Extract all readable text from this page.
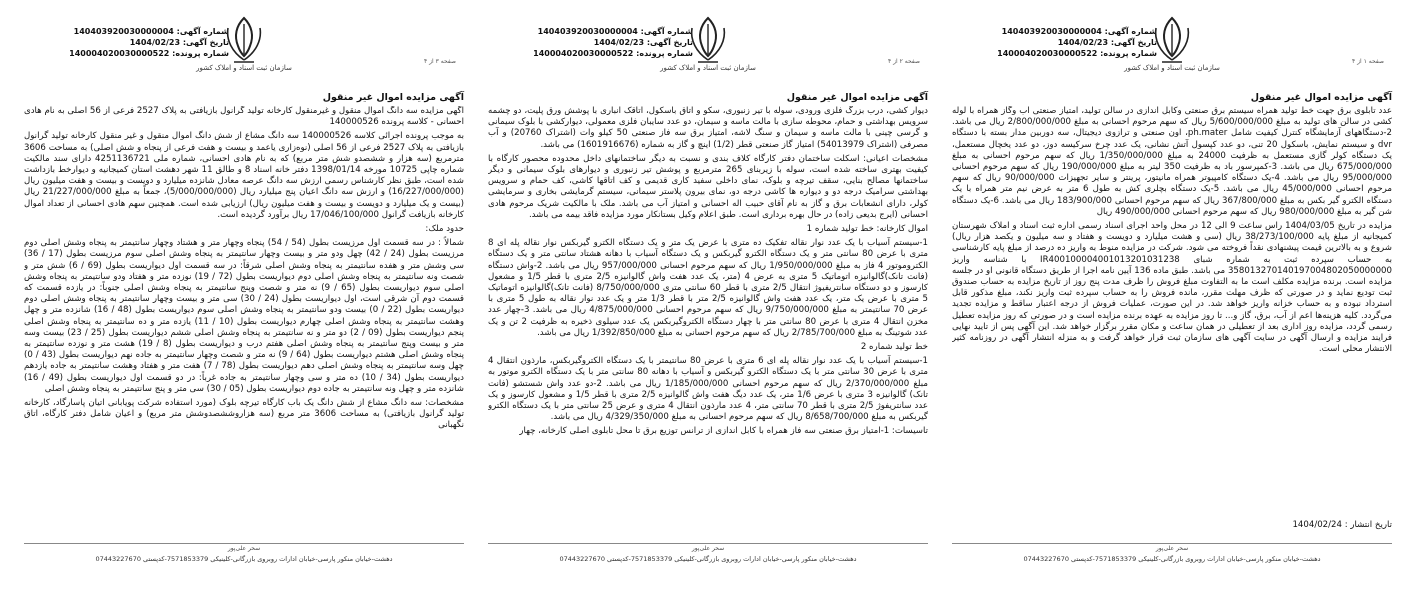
شماره آگهی: 140403920030000004
تاریخ آگهی: 1404/02/23
شماره پرونده: 140004020030000522
سازمان ثبت اسناد و املاک کشور
صفحه ۱ از ۴
آگهی مزایده اموال غیر منقول

عدد تابلوی برق جهت خط تولید همراه سیستم برق صنعتی وکابل اندازی در سالن تولید، امتیاز صنعتی آب وگاز همراه با لوله کشی در سالن های تولید به مبلغ 5/600/000/000 ریال که سهم مرحوم احسانی به مبلغ 2/800/000/000 ریال می باشد. 2-دستگاههای آزمایشگاه کنترل کیفیت شامل ph.mater، اون صنعتی و ترازوی دیجیتال، سه دوربین مدار بسته با دستگاه dvr و سیستم نمایش، باسکول 20 تنی، دو عدد کپسول آتش نشانی، یک عدد چرخ سرکیسه دوز، دو عدد یخچال مستعمل، یک دستگاه کولر گازی مستعمل به ظرفیت 24000 به مبلغ 1/350/000/000 ریال که سهم مرحوم احسانی به مبلغ 675/000/000 ریال می باشد. 3-کمپرسور باد به ظرفیت 350 لیتر به مبلغ 190/000/000 ریال که سهم مرحوم احسانی 95/000/000 ریال می باشد. 4-یک دستگاه کامپیوتر همراه مانیتور، پرینتر و سایر تجهیزات 90/000/000 ریال که سهم مرحوم احسانی 45/000/000 ریال می باشد. 5-یک دستگاه بچلری کش به طول 6 متر به عرض نیم متر همراه با یک دستگاه الکترو گیر بکس به مبلغ 367/800/000 ریال که سهم مرحوم احسانی 183/900/000 ریال می باشد. 6-یک دستگاه شن گیر به مبلغ 980/000/000 ریال که سهم مرحوم احسانی 490/000/000 ریال

مزایده در تاریخ 1404/03/05 راس ساعت 9 الی 12 در محل واحد اجرای اسناد رسمی اداره ثبت اسناد و املاک شهرستان کمیجانیه از مبلغ پایه 38/273/100/000 ریال (سی و هشت میلیارد و دویست و هفتاد و سه میلیون و یکصد هزار ریال) شروع و به بالاترین قیمت پیشنهادی نقداً فروخته می شود. شرکت در مزایده منوط به واریز ده درصد از مبلغ پایه کارشناسی به حساب سپرده ثبت به شماره شبای IR400100004001013201031238 با شناسه واریز 358013270140197004802050000000 می باشد. طبق ماده 136 آیین نامه اجرا از طریق دستگاه قانونی او در جلسه مزایده است. برنده مزایده مکلف است ما به التفاوت مبلغ فروش را ظرف مدت پنج روز از تاریخ مزایده به حساب صندوق ثبت تودیع نماید و در صورتی که ظرف مهلت مقرر، مانده فروش را به حساب سپرده ثبت واریز نکند، مبلغ مذکور قابل استرداد نبوده و به حساب خزانه واریز خواهد شد. در این صورت، عملیات فروش از درجه اعتبار ساقط و مزایده تجدید می‌گردد. کلیه هزینه‌ها اعم از آب، برق، گاز و... تا روز مزایده به عهده برنده مزایده است و در صورتی که روز مزایده تعطیل رسمی گردد، مزایده روز اداری بعد از تعطیلی در همان ساعت و مکان مقرر برگزار خواهد شد. این آگهی پس از تایید نهایی فرایند مزایده و ارسال آگهی در سایت آگهی های سازمان ثبت قرار خواهد گرفت و به منزله انتشار آگهی در روزنامه کثیر الانتشار محلی است.

تاریخ انتشار : 1404/02/24
سحر علی‌پور
دهشت-خیابان منکور پارسی-خیابان ادارات روبروی بازرگانی-کلینیکی 7571853379-کدپستی 07443227670
شماره آگهی: 140403920030000004
تاریخ آگهی: 1404/02/23
شماره پرونده: 140004020030000522
سازمان ثبت اسناد و املاک کشور
صفحه ۲ از ۴
آگهی مزایده اموال غیر منقول

دیوار کشی، درب بزرگ فلزی ورودی، سوله با تیر زنبوری، سکو و اتاق باسکول، اتاقک انباری با پوشش ورق پلیت، دو چشمه سرویس بهداشتی و حمام، محوطه سازی با مالت ماسه و سیمان، دو عدد سایبان فلزی معمولی، دیوارکشی با بلوک سیمانی و گرسی چینی با مالت ماسه و سیمان و سنگ لاشه، امتیاز برق سه فاز صنعتی 50 کیلو وات (اشتراک 20760) و آب مصرفی (اشتراک 54013979) امتیاز گاز صنعتی قطر (1/2) اینچ و گاز به شماره (1601916676) می باشد.

مشخصات اعیانی: اسکلت ساختمان دفتر کارگاه کلاف بندی و نسبت به دیگر ساختمانهای داخل محدوده محصور کارگاه با کیفیت بهتری ساخته شده است، سوله با زیربنای 265 مترمربع و پوشش تیر زنبوری و دیوارهای بلوک سیمانی و دیگر ساختمانها مصالح بنایی، سقف تیرچه و بلوک، نمای داخلی سفید کاری قدیمی و کف اتاقها کاشی، کف حمام و سرویس بهداشتی سرامیک درجه دو و دیواره ها کاشی درجه دو، نمای بیرون پلاستر سیمانی، سیستم گرمایشی بخاری و سرمایشی کولر، دارای انشعابات برق و گاز به نام آقای حبیب اله احسانی و امتیاز آب می باشد. ملک با مالکیت شریک مرحوم هادی احسانی (ایرج بدیعی زاده) در حال بهره برداری است. طبق اعلام وکیل بستانکار مورد مزایده فاقد بیمه می باشد.

اموال کارخانه: خط تولید شماره 1

1-سیستم آسیاب با یک عدد نوار نقاله تفکیک ده متری با عرض یک متر و یک دستگاه الکترو گیربکس نوار نقاله پله ای 8 متری با عرض 80 سانتی متر و یک دستگاه الکترو گیربکس و یک دستگاه آسیاب با دهانه هشتاد سانتی متر و یک دستگاه الکتروموتور 4 فاز به مبلغ 1/950/000/000 ریال که سهم مرحوم احسانی 957/000/000 ریال می باشد. 2-واش دستگاه (فانت تانک)گالوانیزه اتوماتیک 5 متری به عرض 4 (متر، یک عدد هفت واش گالوانیزه 2/5 متری با قطر 1/5 و مشعول کارسوز و دو دستگاه سانتریفیوژ انتقال 2/5 متری با قطر 60 سانتی متری 8/750/000/000 (فانت تانک)گالوانیزه اتوماتیک 5 متری با عرض یک متر، یک عدد هفت واش گالوانیزه 2/5 متر با قطر 1/3 متر و یک عدد نوار نقاله به طول 5 متری با عرض 70 سانتیمتر به مبلغ 9/750/000/000 ریال که سهم مرحوم احسانی 4/875/000/000 ریال می باشد. 3-چهار عدد مخزن انتقال 4 متری با عرض 80 سانتی متر با چهار دستگاه الکتروگیربکس یک عدد سیلوی ذخیره به ظرفیت 2 تن و یک عدد شوتینگ به مبلغ 2/785/700/000 ریال که سهم مرحوم احسانی به مبلغ 1/392/850/000 ریال می باشد.

خط تولید شماره 2

1-سیستم آسیاب با یک عدد نوار نقاله پله ای 6 متری با عرض 80 سانتیمتر با یک دستگاه الکتروگیربکس، مارذون انتقال 4 متری با عرض 30 سانتی متر با یک دستگاه الکترو گیربکس و آسیاب با دهانه 80 سانتی متر با یک دستگاه الکترو موتور به مبلغ 2/370/000/000 ریال که سهم مرحوم احسانی 1/185/000/000 ریال می باشد. 2-دو عدد واش شستشو (فانت تانک) گالوانیزه 3 متری با عرض 1/6 متر، یک عدد دیگ هفت واش گالوانیزه 2/5 متری با قطر 1/5 و مشعول کارسوز و یک عدد سانتریفوژ 2/5 متری با قطر 70 سانتی متر، 4 عدد مارذون انتقال 4 متری و عرض 25 سانتی متر با یک دستگاه الکترو گیربکس به مبلغ 8/658/700/000 ریال که سهم مرحوم احسانی به مبلغ 4/329/350/000 ریال می باشد.

تاسیسات: 1-امتیاز برق صنعتی سه فاز همراه با کابل اندازی از ترانس توزیع برق تا محل تابلوی اصلی کارخانه، چهار

سحر علی‌پور
دهشت-خیابان منکور پارسی-خیابان ادارات روبروی بازرگانی-کلینیکی 7571853379-کدپستی 07443227670
شماره آگهی: 140403920030000004
تاریخ آگهی: 1404/02/23
شماره پرونده: 140004020030000522
سازمان ثبت اسناد و املاک کشور
صفحه ۳ از ۴
آگهی مزایده اموال غیر منقول

آگهی مزایده سه دانگ اموال منقول و غیرمنقول کارخانه تولید گرانول بازیافتی به پلاک 2527 فرعی از 56 اصلی به نام هادی احسانی - کلاسه پرونده 140000526

به موجب پرونده اجرائی کلاسه 140000526 سه دانگ مشاع از شش دانگ اموال منقول و غیر منقول کارخانه تولید گرانول بازیافتی به پلاک 2527 فرعی از 56 اصلی (نوه‌زاری یاعمد و بیست و هفت فرعی از پنجاه و شش اصلی) به مساحت 3606 مترمربع (سه هزار و ششصدو شش متر مربع) که به نام هادی احسانی، شماره ملی 4251136721 دارای سند مالکیت شماره چاپی 10725 مورخه 1398/01/14 دفتر خانه اسناد 8 و طالق 11 شهر دهشت استان کمیجانیه و دیوارخط بازداشت شده است، طبق نظر کارشناس رسمی ارزش سه دانگ عرصه معادل شانزده میلیارد و دویست و بیست و هفت میلیون ریال (16/227/000/000) و ارزش سه دانگ اعیان پنج میلیارد ریال (5/000/000/000)، جمعاً به مبلغ 21/227/000/000 ریال (بیست و یک میلیارد و دویست و بیست و هفت میلیون ریال) ارزیابی شده است. همچنین سهم هادی احسانی از تعداد اموال کارخانه بازیافت گرانول 17/046/100/000 ریال برآورد گردیده است.

حدود ملک:

شمالاً : در سه قسمت اول مرزیست بطول (54 / 54) پنجاه وچهار متر و هشتاد وچهار سانتیمتر به پنجاه وشش اصلی دوم مرزیست بطول (24 / 42) چهل ودو متر و بیست وچهار سانتیمتر به پنجاه وشش اصلی سوم مرزیست بطول (17 / 36) سی وشش متر و هفده سانتیمتر به پنجاه وشش اصلی شرقاً: در سه قسمت اول دیواریست بطول (69 / 6) شش متر و شصت ونه سانتیمتر به پنجاه وشش اصلی دوم دیواریست بطول (72 / 19) نوزده متر و هفتاد ودو سانتیمتر به پنجاه وشش اصلی سوم دیواریست بطول (65 / 9) نه متر و شصت وپنج سانتیمتر به پنجاه وشش اصلی جنوباً: در یازده قسمت که قسمت دوم آن شرقی است، اول دیواریست بطول (24 / 30) سی متر و بیست وچهار سانتیمتر به پنجاه وشش اصلی دوم دیواریست بطول (22 / 0) بیست ودو سانتیمتر به پنجاه وشش اصلی سوم دیواریست بطول (48 / 16) شانزده متر و چهل وهشت سانتیمتر به پنجاه وشش اصلی چهارم دیواریست بطول (10 / 11) یازده متر و ده سانتیمتر به پنجاه وشش اصلی پنجم دیواریست بطول (09 / 2) دو متر و نه سانتیمتر به پنجاه وشش اصلی ششم دیواریست بطول (25 / 23) بیست وسه متر و بیست وپنج سانتیمتر به پنجاه وشش اصلی هفتم درب و دیواریست بطول (8 / 19) هشت متر و نوزده سانتیمتر به پنجاه وشش اصلی هشتم دیواریست بطول (64 / 9) نه متر و شصت وچهار سانتیمتر به جاده نهم دیواریست بطول (43 / 0) چهل وسه سانتیمتر به پنجاه وشش اصلی دهم دیواریست بطول (78 / 7) هفت متر و هفتاد وهشت سانتیمتر به جاده یازدهم دیواریست بطول (34 / 10) ده متر و سی وچهار سانتیمتر به جاده غرباً: در دو قسمت اول دیواریست بطول (49 / 16) شانزده متر و چهل ونه سانتیمتر به جاده دوم دیواریست بطول (05 / 30) سی متر و پنج سانتیمتر به پنجاه وشش اصلی

مشخصات: سه دانگ مشاع از شش دانگ یک باب کارگاه تیرچه بلوک (مورد استفاده شرکت پویابانی اتیان پاسارگاد، کارخانه تولید گرانول بازیافتی) به مساحت 3606 متر مربع (سه هزاروششصدوشش متر مربع) و اعیان شامل دفتر کارگاه، اتاق نگهبانی

سحر علی‌پور
دهشت-خیابان منکور پارسی-خیابان ادارات روبروی بازرگانی-کلینیکی 7571853379-کدپستی 07443227670
